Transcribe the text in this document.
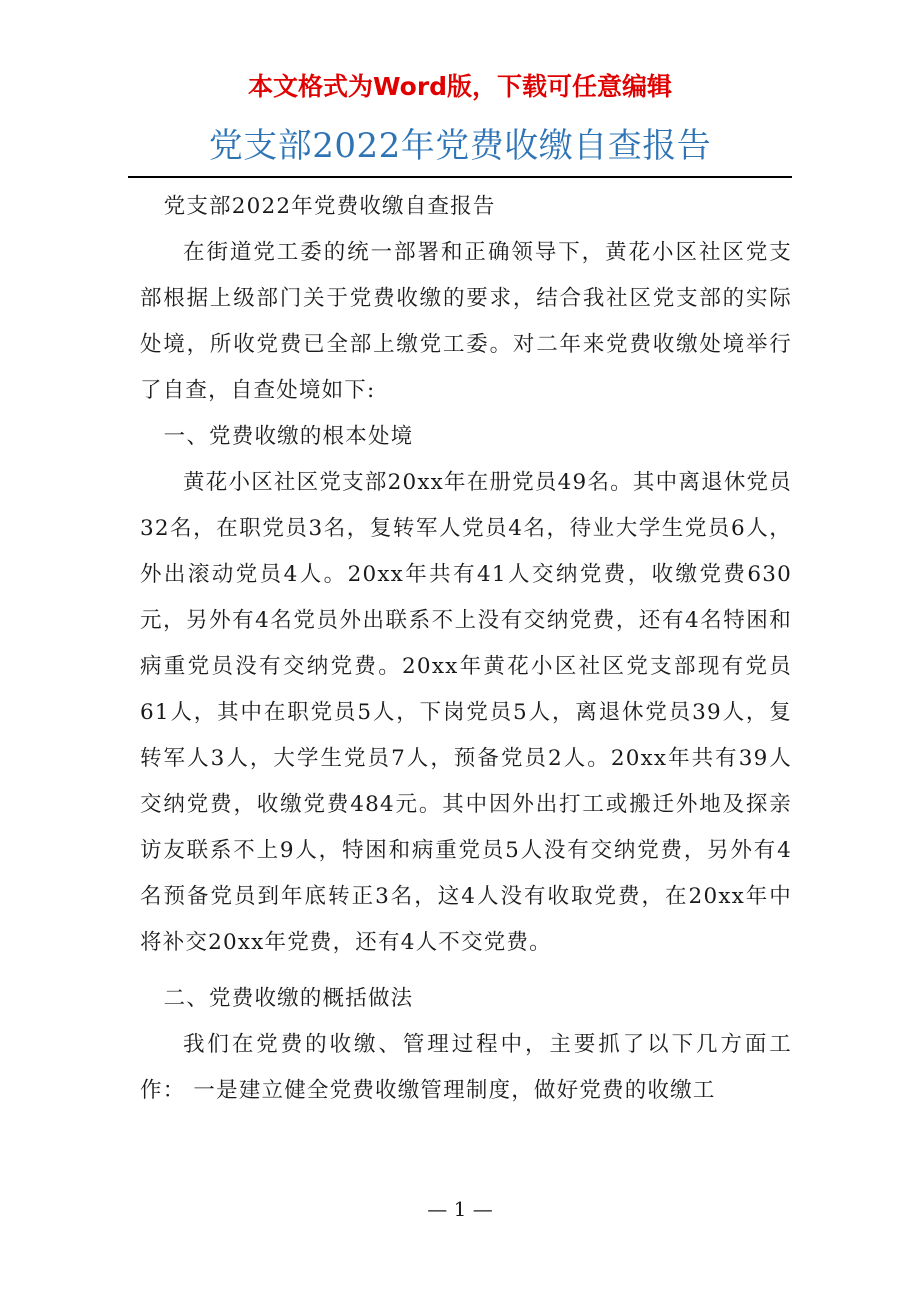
本文格式为Word版，下载可任意编辑
党支部2022年党费收缴自查报告

党支部2022年党费收缴自查报告

在街道党工委的统一部署和正确领导下，黄花小区社区党支部根据上级部门关于党费收缴的要求，结合我社区党支部的实际处境，所收党费已全部上缴党工委。对二年来党费收缴处境举行了自查，自查处境如下:

一、党费收缴的根本处境

黄花小区社区党支部20xx年在册党员49名。其中离退休党员32名，在职党员3名，复转军人党员4名，待业大学生党员6人，外出滚动党员4人。20xx年共有41人交纳党费，收缴党费630元，另外有4名党员外出联系不上没有交纳党费，还有4名特困和病重党员没有交纳党费。20xx年黄花小区社区党支部现有党员61人，其中在职党员5人，下岗党员5人，离退休党员39人，复转军人3人，大学生党员7人，预备党员2人。20xx年共有39人交纳党费，收缴党费484元。其中因外出打工或搬迁外地及探亲访友联系不上9人，特困和病重党员5人没有交纳党费，另外有4名预备党员到年底转正3名，这4人没有收取党费，在20xx年中将补交20xx年党费，还有4人不交党费。

二、党费收缴的概括做法

我们在党费的收缴、管理过程中，主要抓了以下几方面工作： 一是建立健全党费收缴管理制度，做好党费的收缴工

— 1 —
